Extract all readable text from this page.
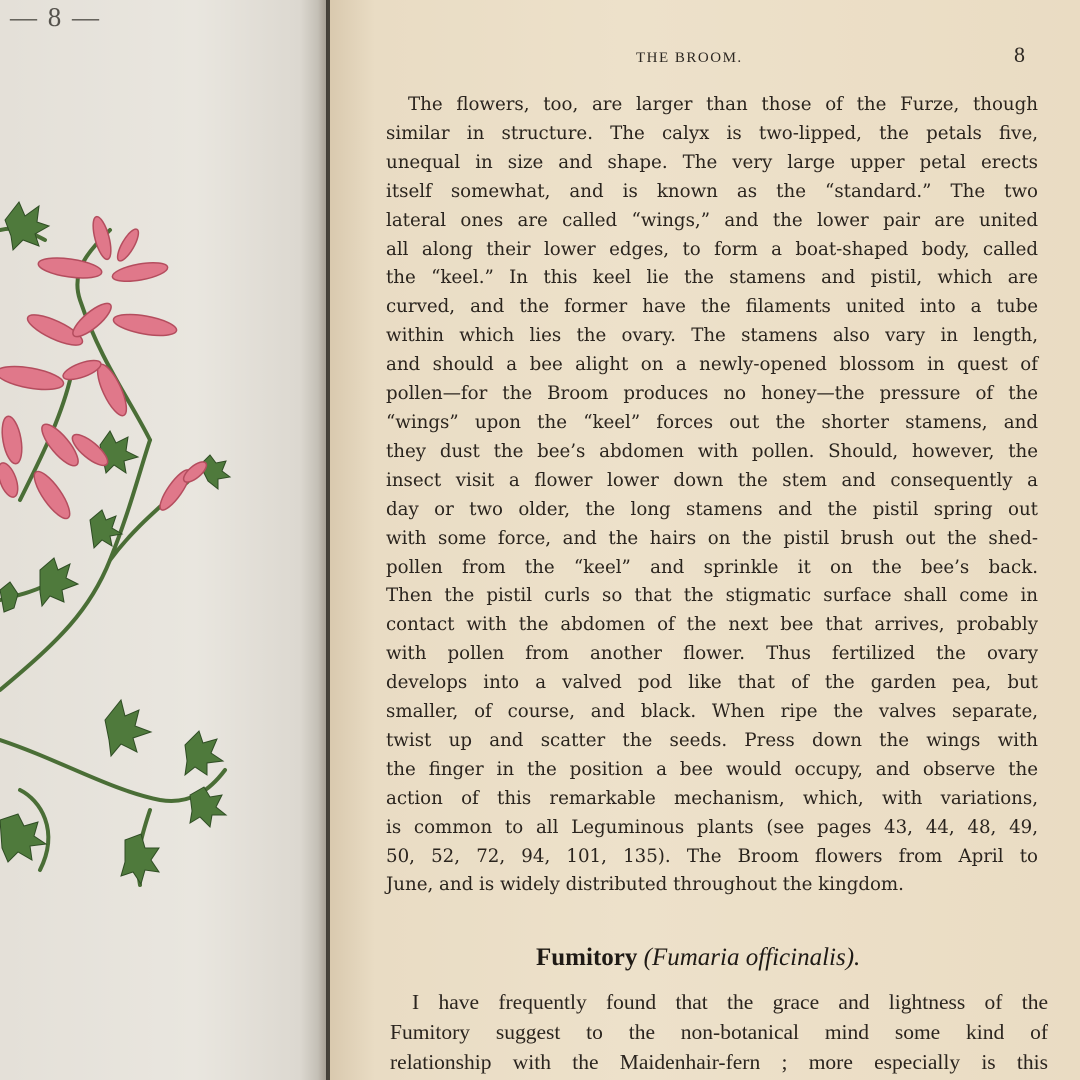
— 8 —
THE BROOM.	8
The flowers, too, are larger than those of the Furze, though
similar in structure. The calyx is two-lipped, the petals five,
unequal in size and shape. The very large upper petal erects
itself somewhat, and is known as the “standard.” The two
lateral ones are called “wings,” and the lower pair are united
all along their lower edges, to form a boat-shaped body, called
the “keel.” In this keel lie the stamens and pistil, which are
curved, and the former have the filaments united into a tube
within which lies the ovary. The stamens also vary in length,
and should a bee alight on a newly-opened blossom in quest of
pollen—for the Broom produces no honey—the pressure of the
“wings” upon the “keel” forces out the shorter stamens, and
they dust the bee’s abdomen with pollen. Should, however, the
insect visit a flower lower down the stem and consequently a
day or two older, the long stamens and the pistil spring out
with some force, and the hairs on the pistil brush out the shed-
pollen from the “keel” and sprinkle it on the bee’s back.
Then the pistil curls so that the stigmatic surface shall come in
contact with the abdomen of the next bee that arrives, probably
with pollen from another flower. Thus fertilized the ovary
develops into a valved pod like that of the garden pea, but
smaller, of course, and black. When ripe the valves separate,
twist up and scatter the seeds. Press down the wings with
the finger in the position a bee would occupy, and observe the
action of this remarkable mechanism, which, with variations,
is common to all Leguminous plants (see pages 43, 44, 48, 49,
50, 52, 72, 94, 101, 135). The Broom flowers from April to
June, and is widely distributed throughout the kingdom.
Fumitory (Fumaria officinalis).
I have frequently found that the grace and lightness of the
Fumitory suggest to the non-botanical mind some kind of
relationship with the Maidenhair-fern ; more especially is this
